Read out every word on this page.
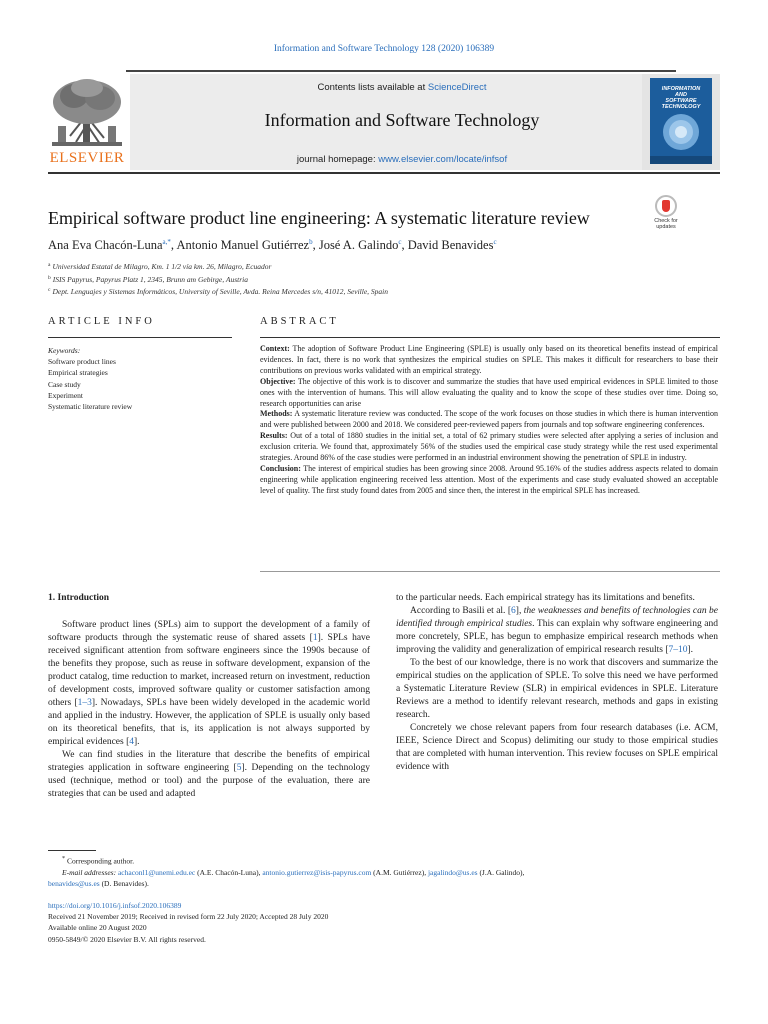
Information and Software Technology 128 (2020) 106389
ELSEVIER
Contents lists available at ScienceDirect
Information and Software Technology
journal homepage: www.elsevier.com/locate/infsof
INFORMATION
AND
SOFTWARE
TECHNOLOGY
Empirical software product line engineering: A systematic literature review	Check for
updates
Ana Eva Chacón-Luna$^{a,*}$, Antonio Manuel Gutiérrez$^b$, José A. Galindo$^c$, David Benavides$^c$
$^a$ Universidad Estatal de Milagro, Km. 1 1/2 vía km. 26, Milagro, Ecuador
$^b$ ISIS Papyrus, Papyrus Platz 1, 2345, Brunn am Gebirge, Austria
$^c$ Dept. Lenguajes y Sistemas Informáticos, University of Seville, Avda. Reina Mercedes s/n, 41012, Seville, Spain
ARTICLE INFO	ABSTRACT
Keywords:
Software product lines
Empirical strategies
Case study
Experiment
Systematic literature review

Context: The adoption of Software Product Line Engineering (SPLE) is usually only based on its theoretical benefits instead of empirical evidences. In fact, there is no work that synthesizes the empirical studies on SPLE. This makes it difficult for researchers to base their contributions on previous works validated with an empirical strategy.

Objective: The objective of this work is to discover and summarize the studies that have used empirical evidences in SPLE limited to those ones with the intervention of humans. This will allow evaluating the quality and to know the scope of these studies over time. Doing so, research opportunities can arise

Methods: A systematic literature review was conducted. The scope of the work focuses on those studies in which there is human intervention and were published between 2000 and 2018. We considered peer-reviewed papers from journals and top software engineering conferences.

Results: Out of a total of 1880 studies in the initial set, a total of 62 primary studies were selected after applying a series of inclusion and exclusion criteria. We found that, approximately 56% of the studies used the empirical case study strategy while the rest used experimental strategies. Around 86% of the case studies were performed in an industrial environment showing the penetration of SPLE in industry.

Conclusion: The interest of empirical studies has been growing since 2008. Around 95.16% of the studies address aspects related to domain engineering while application engineering received less attention. Most of the experiments and case study evaluated showed an acceptable level of quality. The first study found dates from 2005 and since then, the interest in the empirical SPLE has increased.

1. Introduction

Software product lines (SPLs) aim to support the development of a family of software products through the systematic reuse of shared assets [1]. SPLs have received significant attention from software engineers since the 1990s because of the benefits they propose, such as reuse in software development, expansion of the product catalog, time reduction to market, increased return on investment, reduction of development costs, improved software quality or customer satisfaction among others [1–3]. Nowadays, SPLs have been widely developed in the academic world and applied in the industry. However, the application of SPLE is usually only based on its theoretical benefits, that is, its application is not always supported by empirical evidences [4].

We can find studies in the literature that describe the benefits of empirical strategies application in software engineering [5]. Depending on the technology used (technique, method or tool) and the purpose of the evaluation, there are strategies that can be used and adapted

to the particular needs. Each empirical strategy has its limitations and benefits.

According to Basili et al. [6], the weaknesses and benefits of technologies can be identified through empirical studies. This can explain why software engineering and more concretely, SPLE, has begun to emphasize empirical research methods when improving the validity and generalization of empirical research results [7–10].

To the best of our knowledge, there is no work that discovers and summarize the empirical studies on the application of SPLE. To solve this need we have performed a Systematic Literature Review (SLR) in empirical evidences in SPLE. Literature Reviews are a method to identify relevant research, methods and gaps in existing research.

Concretely we chose relevant papers from four research databases (i.e. ACM, IEEE, Science Direct and Scopus) delimiting our study to those empirical studies that are completed with human intervention. This review focuses on SPLE empirical evidence with

* Corresponding author.
E-mail addresses: achaconl1@unemi.edu.ec (A.E. Chacón-Luna), antonio.gutierrez@isis-papyrus.com (A.M. Gutiérrez), jagalindo@us.es (J.A. Galindo),
benavides@us.es (D. Benavides).
https://doi.org/10.1016/j.infsof.2020.106389
Received 21 November 2019; Received in revised form 22 July 2020; Accepted 28 July 2020
Available online 20 August 2020
0950-5849/© 2020 Elsevier B.V. All rights reserved.
